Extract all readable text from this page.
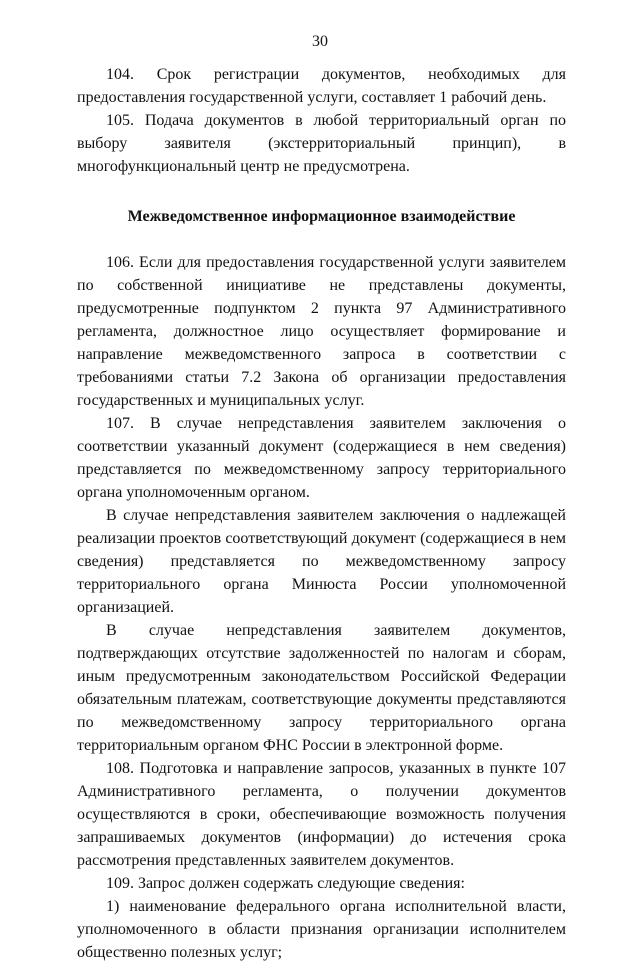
30

104. Срок регистрации документов, необходимых для предоставления государственной услуги, составляет 1 рабочий день.

105. Подача документов в любой территориальный орган по выбору заявителя (экстерриториальный принцип), в многофункциональный центр не предусмотрена.

Межведомственное информационное взаимодействие

106. Если для предоставления государственной услуги заявителем по собственной инициативе не представлены документы, предусмотренные подпунктом 2 пункта 97 Административного регламента, должностное лицо осуществляет формирование и направление межведомственного запроса в соответствии с требованиями статьи 7.2 Закона об организации предоставления государственных и муниципальных услуг.

107. В случае непредставления заявителем заключения о соответствии указанный документ (содержащиеся в нем сведения) представляется по межведомственному запросу территориального органа уполномоченным органом.

В случае непредставления заявителем заключения о надлежащей реализации проектов соответствующий документ (содержащиеся в нем сведения) представляется по межведомственному запросу территориального органа Минюста России уполномоченной организацией.

В случае непредставления заявителем документов, подтверждающих отсутствие задолженностей по налогам и сборам, иным предусмотренным законодательством Российской Федерации обязательным платежам, соответствующие документы представляются по межведомственному запросу территориального органа территориальным органом ФНС России в электронной форме.

108. Подготовка и направление запросов, указанных в пункте 107 Административного регламента, о получении документов осуществляются в сроки, обеспечивающие возможность получения запрашиваемых документов (информации) до истечения срока рассмотрения представленных заявителем документов.

109. Запрос должен содержать следующие сведения:

1) наименование федерального органа исполнительной власти, уполномоченного в области признания организации исполнителем общественно полезных услуг;
